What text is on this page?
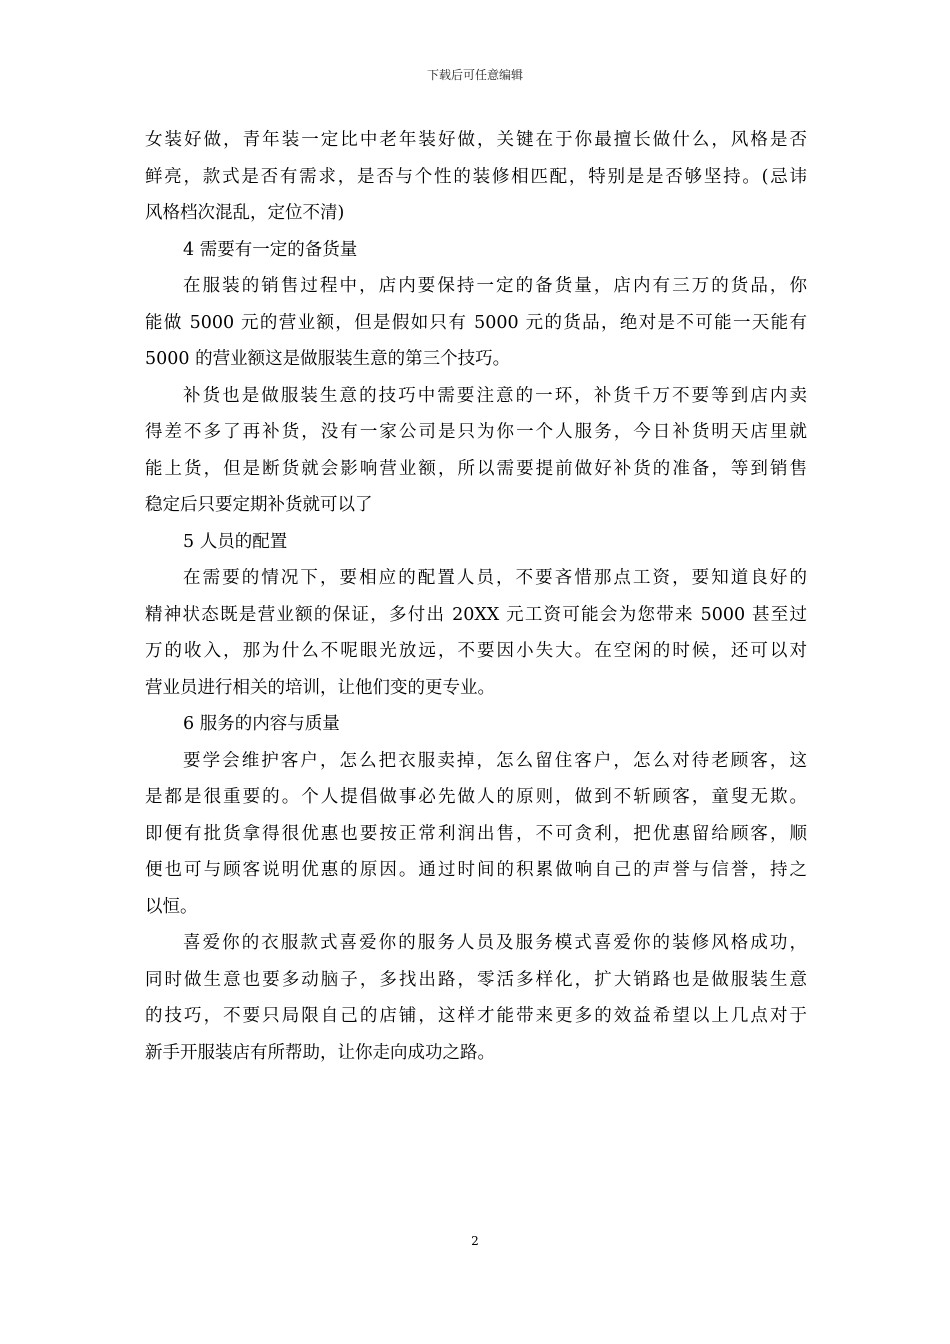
下载后可任意编辑
女装好做，青年装一定比中老年装好做，关键在于你最擅长做什么，风格是否
鲜亮，款式是否有需求，是否与个性的装修相匹配，特别是是否够坚持。(忌讳
风格档次混乱，定位不清)
4 需要有一定的备货量
在服装的销售过程中，店内要保持一定的备货量，店内有三万的货品，你
能做 5000 元的营业额，但是假如只有 5000 元的货品，绝对是不可能一天能有
5000 的营业额这是做服装生意的第三个技巧。
补货也是做服装生意的技巧中需要注意的一环，补货千万不要等到店内卖
得差不多了再补货，没有一家公司是只为你一个人服务，今日补货明天店里就
能上货，但是断货就会影响营业额，所以需要提前做好补货的准备，等到销售
稳定后只要定期补货就可以了
5 人员的配置
在需要的情况下，要相应的配置人员，不要吝惜那点工资，要知道良好的
精神状态既是营业额的保证，多付出 20XX 元工资可能会为您带来 5000 甚至过
万的收入，那为什么不呢眼光放远，不要因小失大。在空闲的时候，还可以对
营业员进行相关的培训，让他们变的更专业。
6 服务的内容与质量
要学会维护客户，怎么把衣服卖掉，怎么留住客户，怎么对待老顾客，这
是都是很重要的。个人提倡做事必先做人的原则，做到不斩顾客，童叟无欺。
即便有批货拿得很优惠也要按正常利润出售，不可贪利，把优惠留给顾客，顺
便也可与顾客说明优惠的原因。通过时间的积累做响自己的声誉与信誉，持之
以恒。
喜爱你的衣服款式喜爱你的服务人员及服务模式喜爱你的装修风格成功，
同时做生意也要多动脑子，多找出路，零活多样化，扩大销路也是做服装生意
的技巧，不要只局限自己的店铺，这样才能带来更多的效益希望以上几点对于
新手开服装店有所帮助，让你走向成功之路。
2
